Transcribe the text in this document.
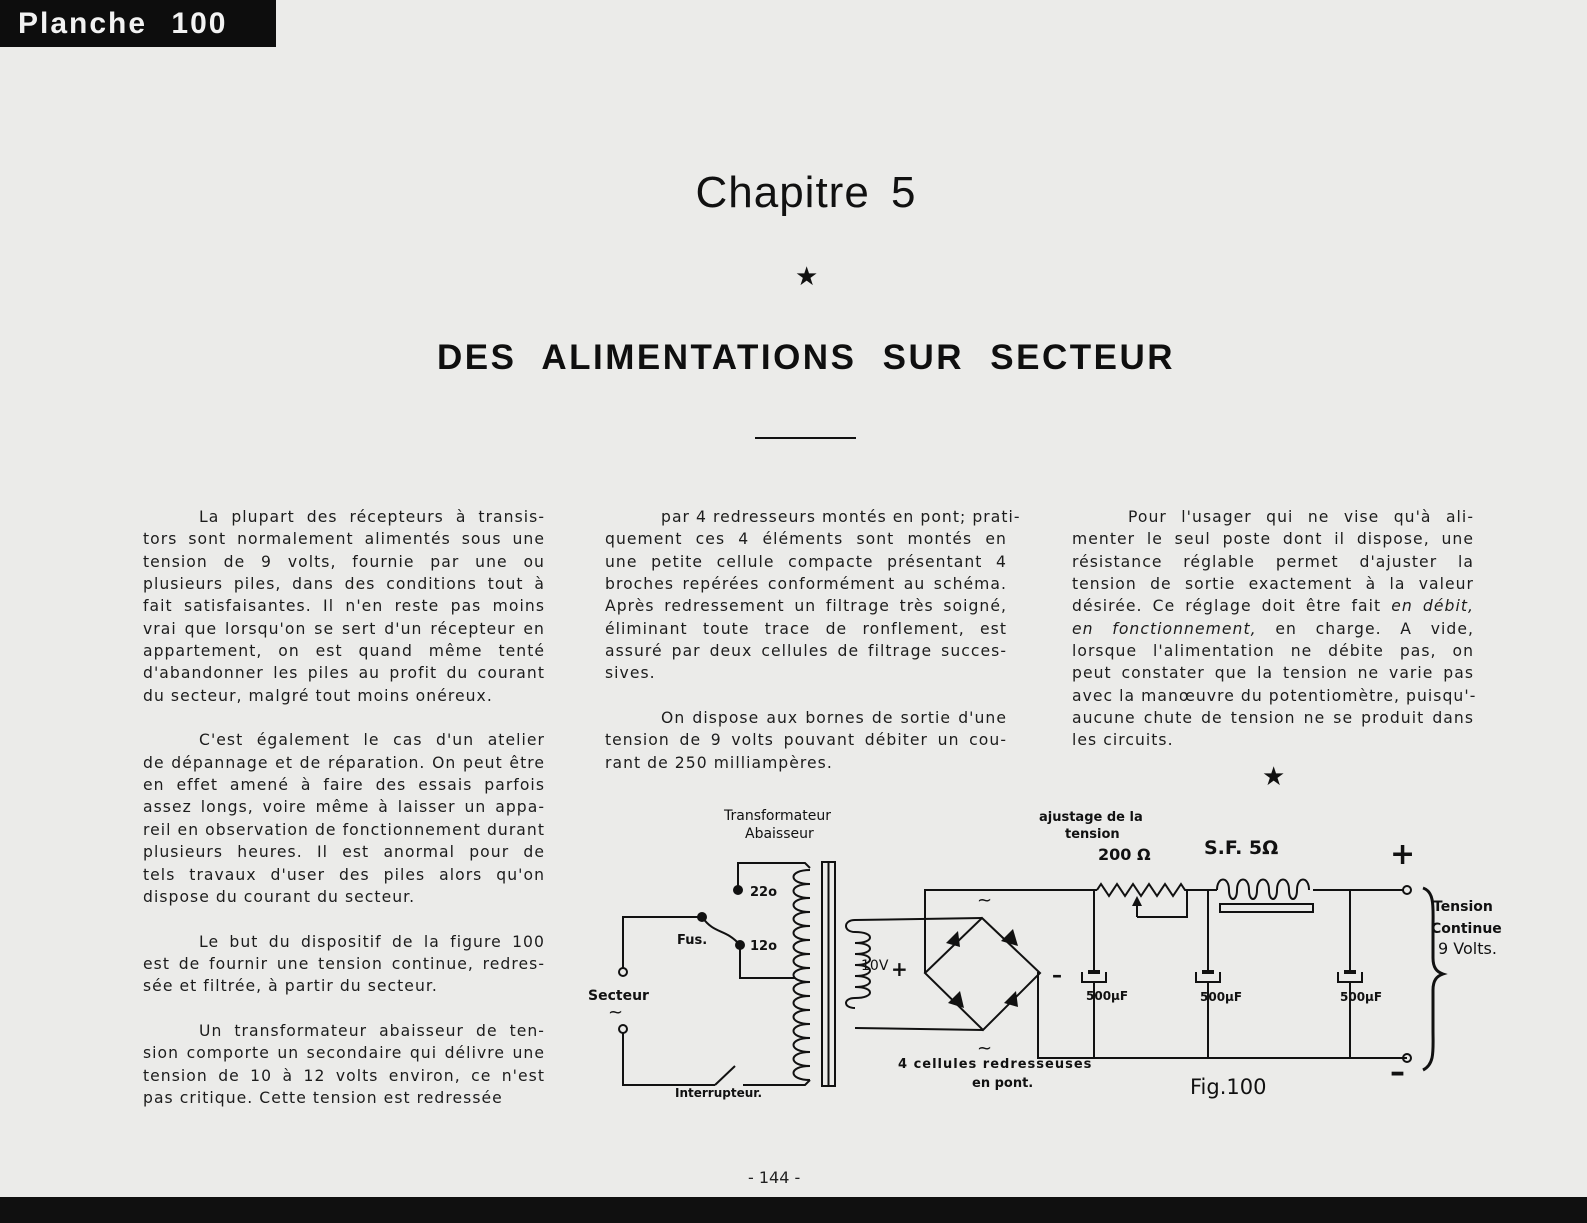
Planche 100
Chapitre 5
★
DES ALIMENTATIONS SUR SECTEUR
La plupart des récepteurs à transis-
tors sont normalement alimentés sous une
tension de 9 volts, fournie par une ou
plusieurs piles, dans des conditions tout à
fait satisfaisantes. Il n'en reste pas moins
vrai que lorsqu'on se sert d'un récepteur en
appartement, on est quand même tenté
d'abandonner les piles au profit du courant
du secteur, malgré tout moins onéreux.
C'est également le cas d'un atelier
de dépannage et de réparation. On peut être
en effet amené à faire des essais parfois
assez longs, voire même à laisser un appa-
reil en observation de fonctionnement durant
plusieurs heures. Il est anormal pour de
tels travaux d'user des piles alors qu'on
dispose du courant du secteur.
Le but du dispositif de la figure 100
est de fournir une tension continue, redres-
sée et filtrée, à partir du secteur.
Un transformateur abaisseur de ten-
sion comporte un secondaire qui délivre une
tension de 10 à 12 volts environ, ce n'est
pas critique. Cette tension est redressée
par 4 redresseurs montés en pont; prati-
quement ces 4 éléments sont montés en
une petite cellule compacte présentant 4
broches repérées conformément au schéma.
Après redressement un filtrage très soigné,
éliminant toute trace de ronflement, est
assuré par deux cellules de filtrage succes-
sives.
On dispose aux bornes de sortie d'une
tension de 9 volts pouvant débiter un cou-
rant de 250 milliampères.
Pour l'usager qui ne vise qu'à ali-
menter le seul poste dont il dispose, une
résistance réglable permet d'ajuster la
tension de sortie exactement à la valeur
désirée. Ce réglage doit être fait en débit,
en fonctionnement, en charge. A vide,
lorsque l'alimentation ne débite pas, on
peut constater que la tension ne varie pas
avec la manœuvre du potentiomètre, puisqu'-
aucune chute de tension ne se produit dans
les circuits.
★
Transformateur
Abaisseur
22o
12o
Fus.
Secteur
~
Interrupteur.
10V +	–
~
~
4 cellules redresseuses
en pont.
ajustage de la
tension
200 Ω	S.F. 5Ω
500µF	500µF	500µF
+
–
Tension
Continue
9 Volts.
Fig.100
- 144 -
